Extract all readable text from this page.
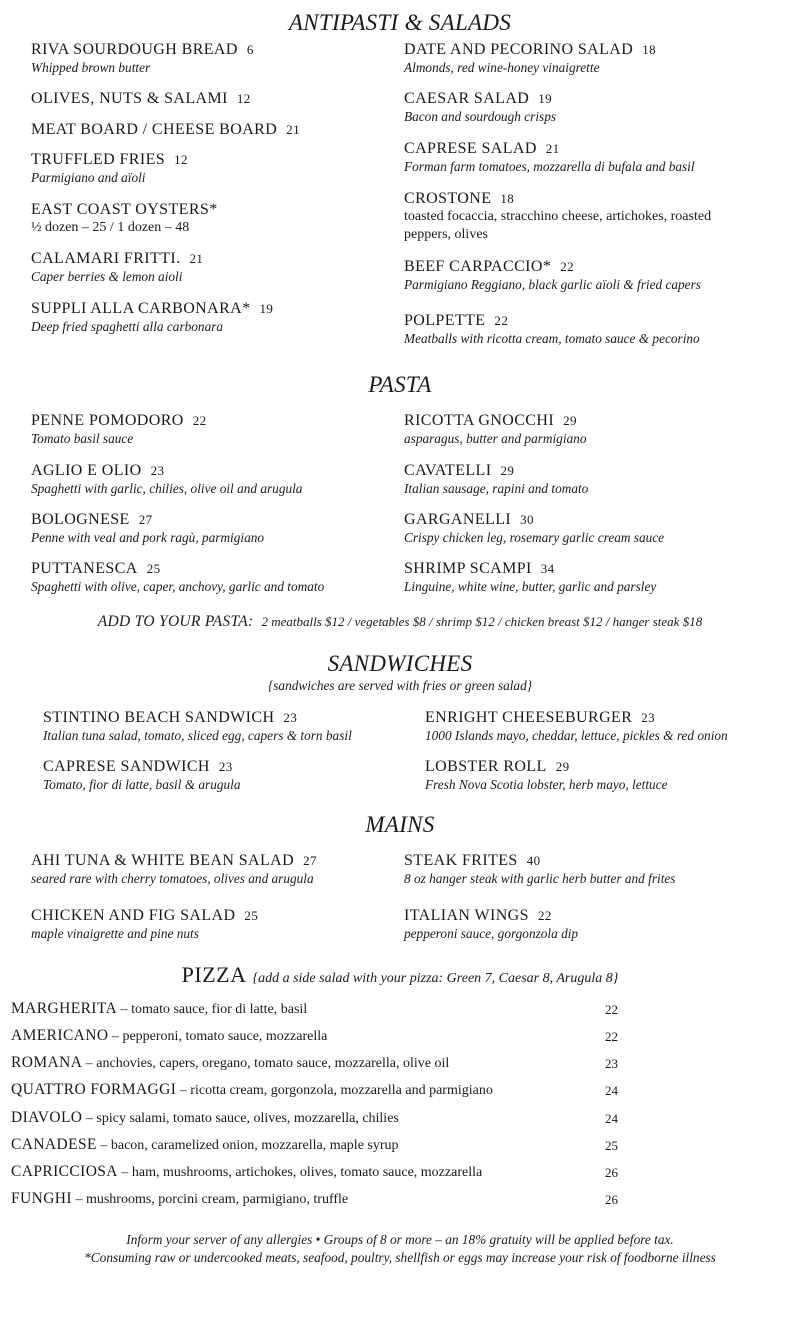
ANTIPASTI & SALADS
RIVA SOURDOUGH BREAD 6
Whipped brown butter
OLIVES, NUTS & SALAMI 12
MEAT BOARD / CHEESE BOARD 21
TRUFFLED FRIES 12
Parmigiano and aïoli
EAST COAST OYSTERS*
½ dozen – 25 / 1 dozen – 48
CALAMARI FRITTI. 21
Caper berries & lemon aioli
SUPPLI ALLA CARBONARA* 19
Deep fried spaghetti alla carbonara
DATE AND PECORINO SALAD 18
Almonds, red wine-honey vinaigrette
CAESAR SALAD 19
Bacon and sourdough crisps
CAPRESE SALAD 21
Forman farm tomatoes, mozzarella di bufala and basil
CROSTONE 18
toasted focaccia, stracchino cheese, artichokes, roasted peppers, olives
BEEF CARPACCIO* 22
Parmigiano Reggiano, black garlic aïoli & fried capers
POLPETTE 22
Meatballs with ricotta cream, tomato sauce & pecorino
PASTA
PENNE POMODORO 22
Tomato basil sauce
AGLIO E OLIO 23
Spaghetti with garlic, chilies, olive oil and arugula
BOLOGNESE 27
Penne with veal and pork ragù, parmigiano
PUTTANESCA 25
Spaghetti with olive, caper, anchovy, garlic and tomato
RICOTTA GNOCCHI 29
asparagus, butter and parmigiano
CAVATELLI 29
Italian sausage, rapini and tomato
GARGANELLI 30
Crispy chicken leg, rosemary garlic cream sauce
SHRIMP SCAMPI 34
Linguine, white wine, butter, garlic and parsley
ADD TO YOUR PASTA: 2 meatballs $12 / vegetables $8 / shrimp $12 / chicken breast $12 / hanger steak $18
SANDWICHES
{sandwiches are served with fries or green salad}
STINTINO BEACH SANDWICH 23
Italian tuna salad, tomato, sliced egg, capers & torn basil
CAPRESE SANDWICH 23
Tomato, fior di latte, basil & arugula
ENRIGHT CHEESEBURGER 23
1000 Islands mayo, cheddar, lettuce, pickles & red onion
LOBSTER ROLL 29
Fresh Nova Scotia lobster, herb mayo, lettuce
MAINS
AHI TUNA & WHITE BEAN SALAD 27
seared rare with cherry tomatoes, olives and arugula
CHICKEN AND FIG SALAD 25
maple vinaigrette and pine nuts
STEAK FRITES 40
8 oz hanger steak with garlic herb butter and frites
ITALIAN WINGS 22
pepperoni sauce, gorgonzola dip
PIZZA {add a side salad with your pizza: Green 7, Caesar 8, Arugula 8}
MARGHERITA – tomato sauce, fior di latte, basil	22
AMERICANO – pepperoni, tomato sauce, mozzarella	22
ROMANA – anchovies, capers, oregano, tomato sauce, mozzarella, olive oil	23
QUATTRO FORMAGGI – ricotta cream, gorgonzola, mozzarella and parmigiano	24
DIAVOLO – spicy salami, tomato sauce, olives, mozzarella, chilies	24
CANADESE – bacon, caramelized onion, mozzarella, maple syrup	25
CAPRICCIOSA – ham, mushrooms, artichokes, olives, tomato sauce, mozzarella	26
FUNGHI – mushrooms, porcini cream, parmigiano, truffle	26
Inform your server of any allergies • Groups of 8 or more – an 18% gratuity will be applied before tax.
*Consuming raw or undercooked meats, seafood, poultry, shellfish or eggs may increase your risk of foodborne illness
